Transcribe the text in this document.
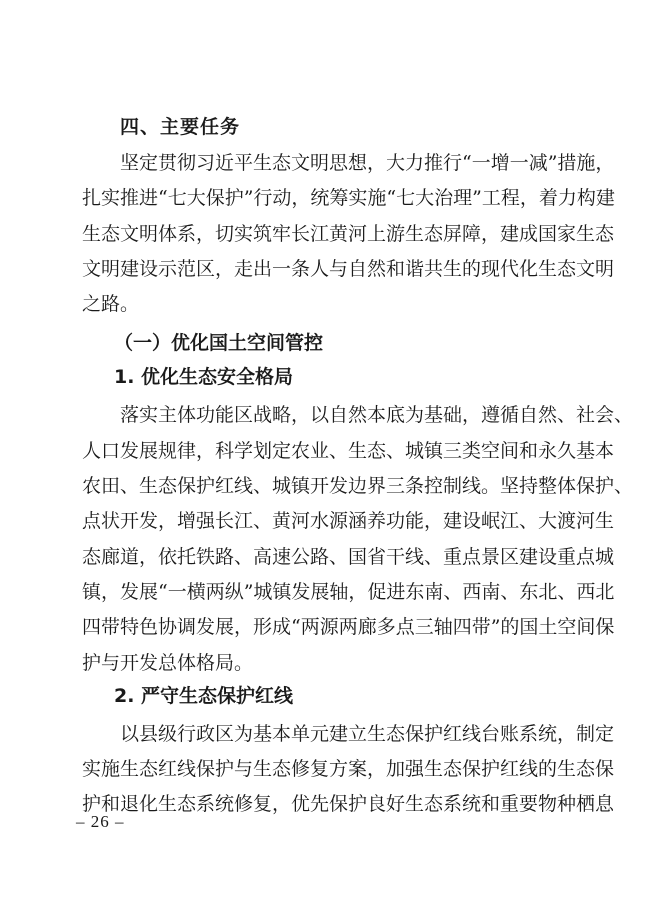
四、主要任务
坚定贯彻习近平生态文明思想，大力推行“一增一减”措施，
扎实推进“七大保护”行动，统筹实施“七大治理”工程，着力构建
生态文明体系，切实筑牢长江黄河上游生态屏障，建成国家生态
文明建设示范区，走出一条人与自然和谐共生的现代化生态文明
之路。
（一）优化国土空间管控
1. 优化生态安全格局
落实主体功能区战略，以自然本底为基础，遵循自然、社会、
人口发展规律，科学划定农业、生态、城镇三类空间和永久基本
农田、生态保护红线、城镇开发边界三条控制线。坚持整体保护、
点状开发，增强长江、黄河水源涵养功能，建设岷江、大渡河生
态廊道，依托铁路、高速公路、国省干线、重点景区建设重点城
镇，发展“一横两纵”城镇发展轴，促进东南、西南、东北、西北
四带特色协调发展，形成“两源两廊多点三轴四带”的国土空间保
护与开发总体格局。
2. 严守生态保护红线
以县级行政区为基本单元建立生态保护红线台账系统，制定
实施生态红线保护与生态修复方案，加强生态保护红线的生态保
护和退化生态系统修复，优先保护良好生态系统和重要物种栖息
– 26 –
